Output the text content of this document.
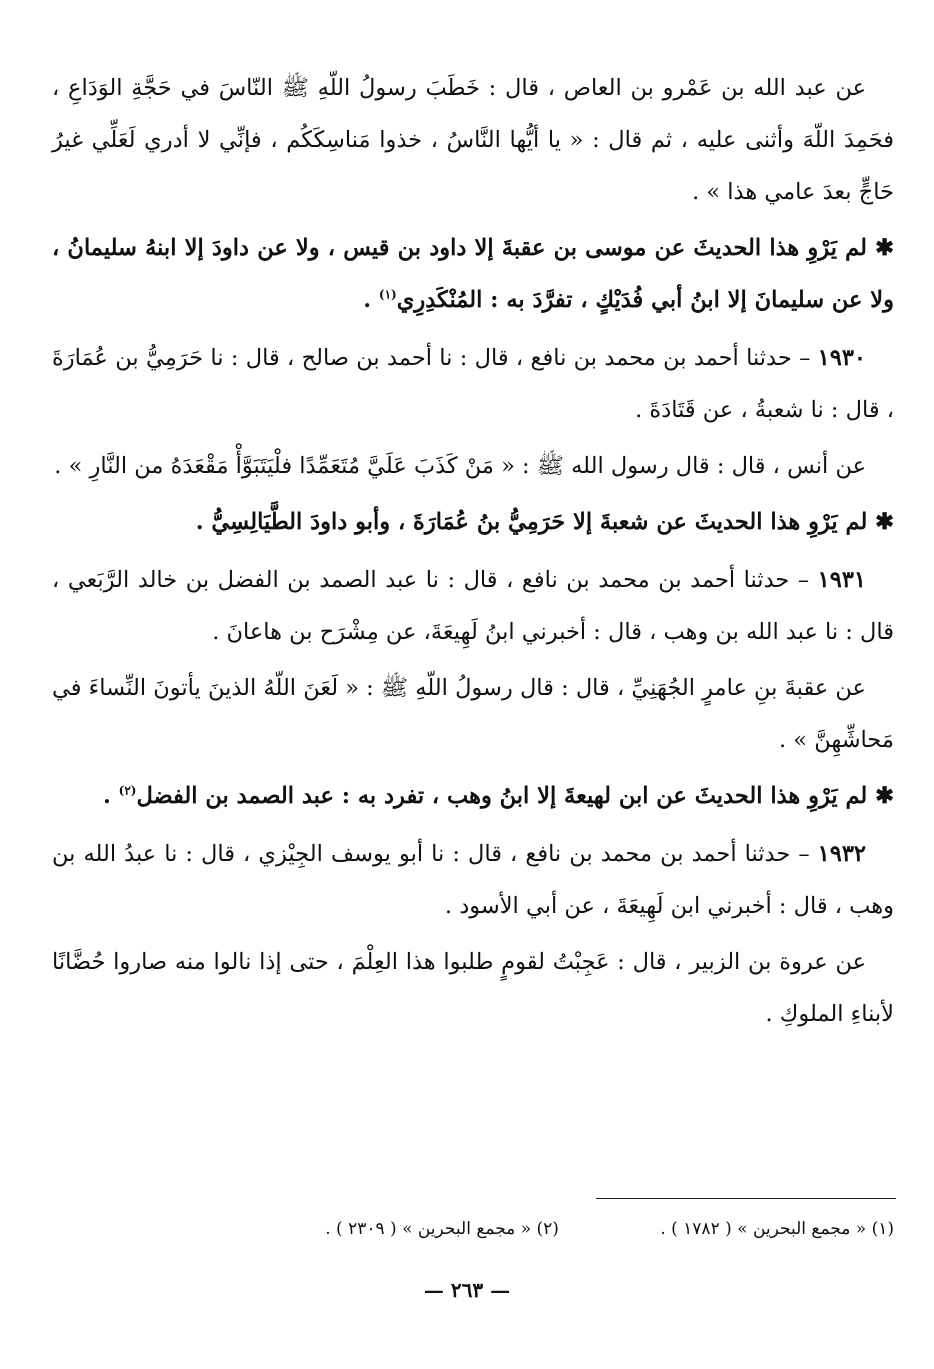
عن عبد الله بن عَمْرو بن العاص ، قال : خَطَبَ رسولُ اللّهِ ﷺ النّاسَ في حَجَّةِ الوَدَاعِ ، فحَمِدَ اللّهَ وأثنى عليه ، ثم قال : « يا أيُّها النَّاسُ ، خذوا مَناسِكَكُم ، فإنِّي لا أدري لَعَلِّي غيرُ حَاجٍّ بعدَ عامي هذا » .

✱ لم يَرْوِ هذا الحديثَ عن موسى بن عقبةَ إلا داود بن قيس ، ولا عن داودَ إلا ابنهُ سليمانُ ، ولا عن سليمانَ إلا ابنُ أبي فُدَيْكٍ ، تفرَّدَ به : المُنْكَدِرِي$^{(١)}$ .

١٩٣٠ – حدثنا أحمد بن محمد بن نافع ، قال : نا أحمد بن صالح ، قال : نا حَرَمِيُّ بن عُمَارَةَ ، قال : نا شعبةُ ، عن قَتَادَةَ .

عن أنس ، قال : قال رسول الله ﷺ : « مَنْ كَذَبَ عَلَيَّ مُتَعَمِّدًا فلْيَتَبَوَّأْ مَقْعَدَهُ من النَّارِ » .

✱ لم يَرْوِ هذا الحديثَ عن شعبةَ إلا حَرَمِيُّ بنُ عُمَارَةَ ، وأبو داودَ الطَّيَالِسِيُّ .

١٩٣١ – حدثنا أحمد بن محمد بن نافع ، قال : نا عبد الصمد بن الفضل بن خالد الرَّبَعي ، قال : نا عبد الله بن وهب ، قال : أخبرني ابنُ لَهِيعَةَ، عن مِشْرَح بن هاعانَ .

عن عقبةَ بنِ عامرٍ الجُهَنِيِّ ، قال : قال رسولُ اللّهِ ﷺ : « لَعَنَ اللّهُ الذينَ يأتونَ النِّساءَ في مَحاشِّهِنَّ » .

✱ لم يَرْوِ هذا الحديثَ عن ابن لهيعةَ إلا ابنُ وهب ، تفرد به : عبد الصمد بن الفضل$^{(٢)}$ .

١٩٣٢ – حدثنا أحمد بن محمد بن نافع ، قال : نا أبو يوسف الجِيْزي ، قال : نا عبدُ الله بن وهب ، قال : أخبرني ابن لَهِيعَةَ ، عن أبي الأسود .

عن عروة بن الزبير ، قال : عَجِبْتُ لقومٍ طلبوا هذا العِلْمَ ، حتى إذا نالوا منه صاروا حُضَّانًا لأبناءِ الملوكِ .

(١) « مجمع البحرين » ( ١٧٨٢ ) . (٢) « مجمع البحرين » ( ٢٣٠٩ ) .
— ٢٦٣ —
